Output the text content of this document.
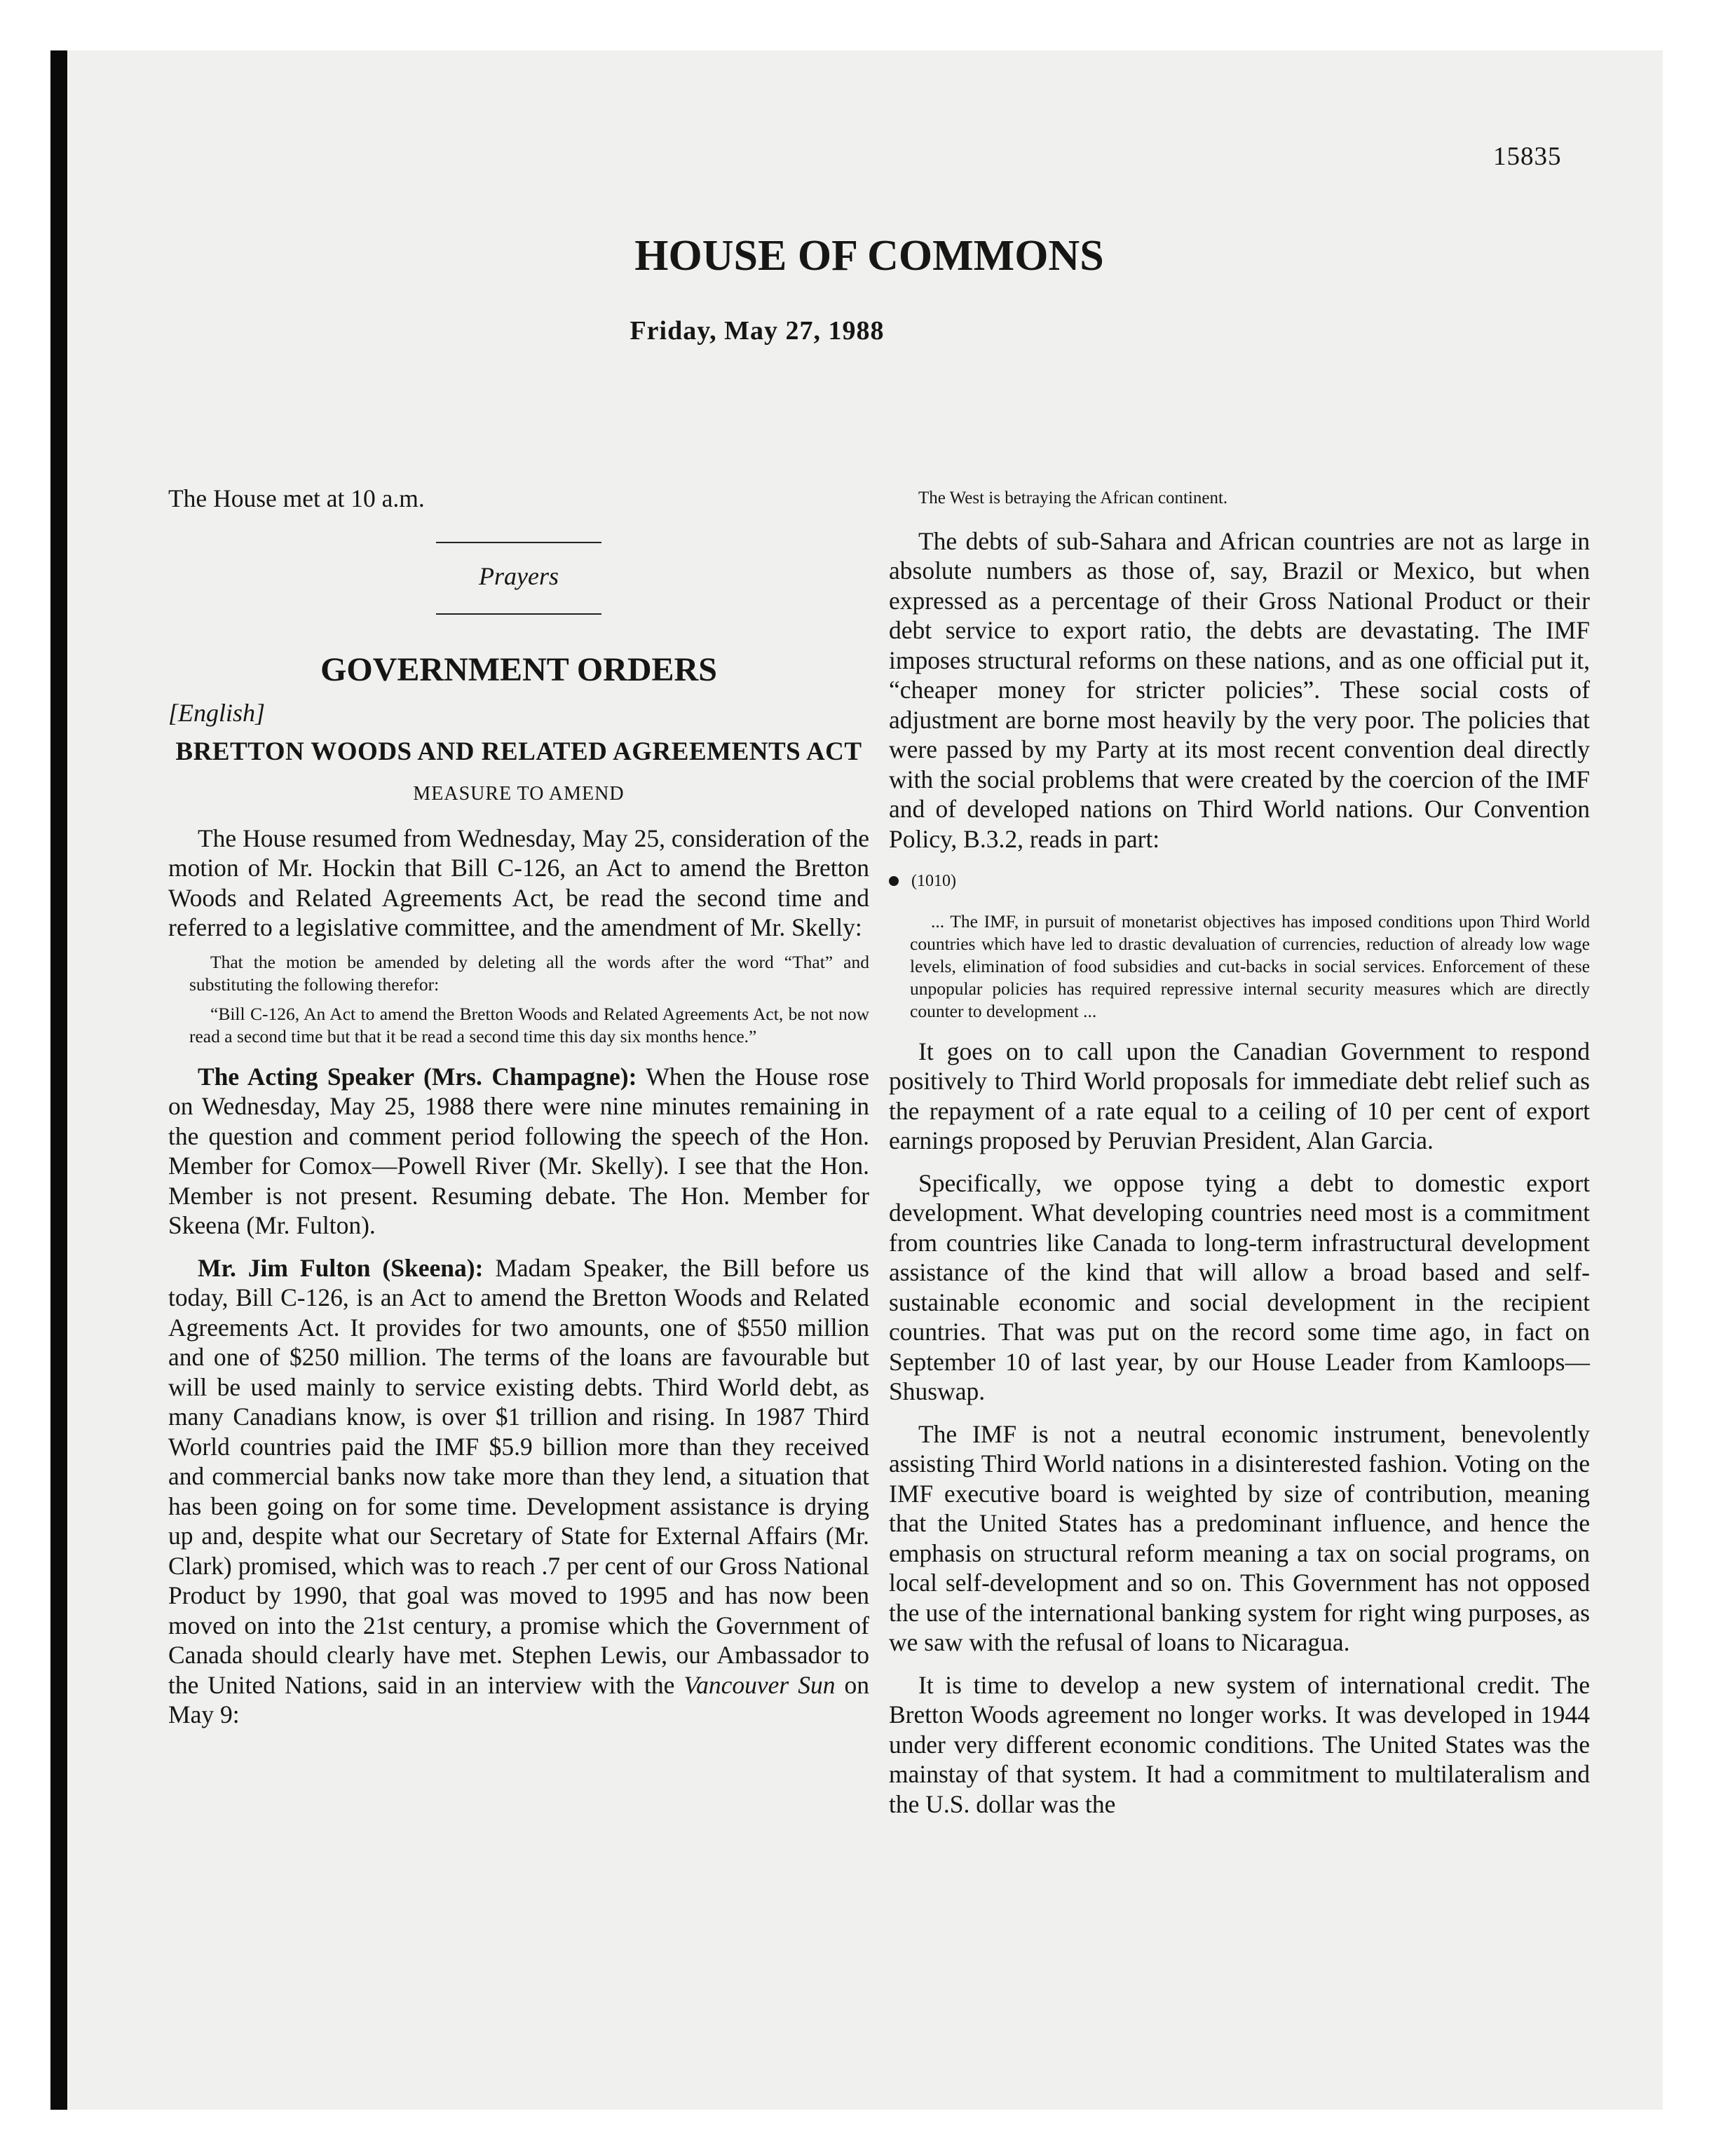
15835
HOUSE OF COMMONS
Friday, May 27, 1988

The House met at 10 a.m.

Prayers
GOVERNMENT ORDERS
[English]
BRETTON WOODS AND RELATED AGREEMENTS ACT
MEASURE TO AMEND

The House resumed from Wednesday, May 25, consideration of the motion of Mr. Hockin that Bill C-126, an Act to amend the Bretton Woods and Related Agreements Act, be read the second time and referred to a legislative committee, and the amendment of Mr. Skelly:

That the motion be amended by deleting all the words after the word “That” and substituting the following therefor:

“Bill C-126, An Act to amend the Bretton Woods and Related Agreements Act, be not now read a second time but that it be read a second time this day six months hence.”

The Acting Speaker (Mrs. Champagne): When the House rose on Wednesday, May 25, 1988 there were nine minutes remaining in the question and comment period following the speech of the Hon. Member for Comox—Powell River (Mr. Skelly). I see that the Hon. Member is not present. Resuming debate. The Hon. Member for Skeena (Mr. Fulton).

Mr. Jim Fulton (Skeena): Madam Speaker, the Bill before us today, Bill C-126, is an Act to amend the Bretton Woods and Related Agreements Act. It provides for two amounts, one of $550 million and one of $250 million. The terms of the loans are favourable but will be used mainly to service existing debts. Third World debt, as many Canadians know, is over $1 trillion and rising. In 1987 Third World countries paid the IMF $5.9 billion more than they received and commercial banks now take more than they lend, a situation that has been going on for some time. Development assistance is drying up and, despite what our Secretary of State for External Affairs (Mr. Clark) promised, which was to reach .7 per cent of our Gross National Product by 1990, that goal was moved to 1995 and has now been moved on into the 21st century, a promise which the Government of Canada should clearly have met. Stephen Lewis, our Ambassador to the United Nations, said in an interview with the Vancouver Sun on May 9:

The West is betraying the African continent.

The debts of sub-Sahara and African countries are not as large in absolute numbers as those of, say, Brazil or Mexico, but when expressed as a percentage of their Gross National Product or their debt service to export ratio, the debts are devastating. The IMF imposes structural reforms on these nations, and as one official put it, “cheaper money for stricter policies”. These social costs of adjustment are borne most heavily by the very poor. The policies that were passed by my Party at its most recent convention deal directly with the social problems that were created by the coercion of the IMF and of developed nations on Third World nations. Our Convention Policy, B.3.2, reads in part:

(1010)

... The IMF, in pursuit of monetarist objectives has imposed conditions upon Third World countries which have led to drastic devaluation of currencies, reduction of already low wage levels, elimination of food subsidies and cut-backs in social services. Enforcement of these unpopular policies has required repressive internal security measures which are directly counter to development ...

It goes on to call upon the Canadian Government to respond positively to Third World proposals for immediate debt relief such as the repayment of a rate equal to a ceiling of 10 per cent of export earnings proposed by Peruvian President, Alan Garcia.

Specifically, we oppose tying a debt to domestic export development. What developing countries need most is a commitment from countries like Canada to long-term infrastructural development assistance of the kind that will allow a broad based and self-sustainable economic and social development in the recipient countries. That was put on the record some time ago, in fact on September 10 of last year, by our House Leader from Kamloops—Shuswap.

The IMF is not a neutral economic instrument, benevolently assisting Third World nations in a disinterested fashion. Voting on the IMF executive board is weighted by size of contribution, meaning that the United States has a predominant influence, and hence the emphasis on structural reform meaning a tax on social programs, on local self-development and so on. This Government has not opposed the use of the international banking system for right wing purposes, as we saw with the refusal of loans to Nicaragua.

It is time to develop a new system of international credit. The Bretton Woods agreement no longer works. It was developed in 1944 under very different economic conditions. The United States was the mainstay of that system. It had a commitment to multilateralism and the U.S. dollar was the
